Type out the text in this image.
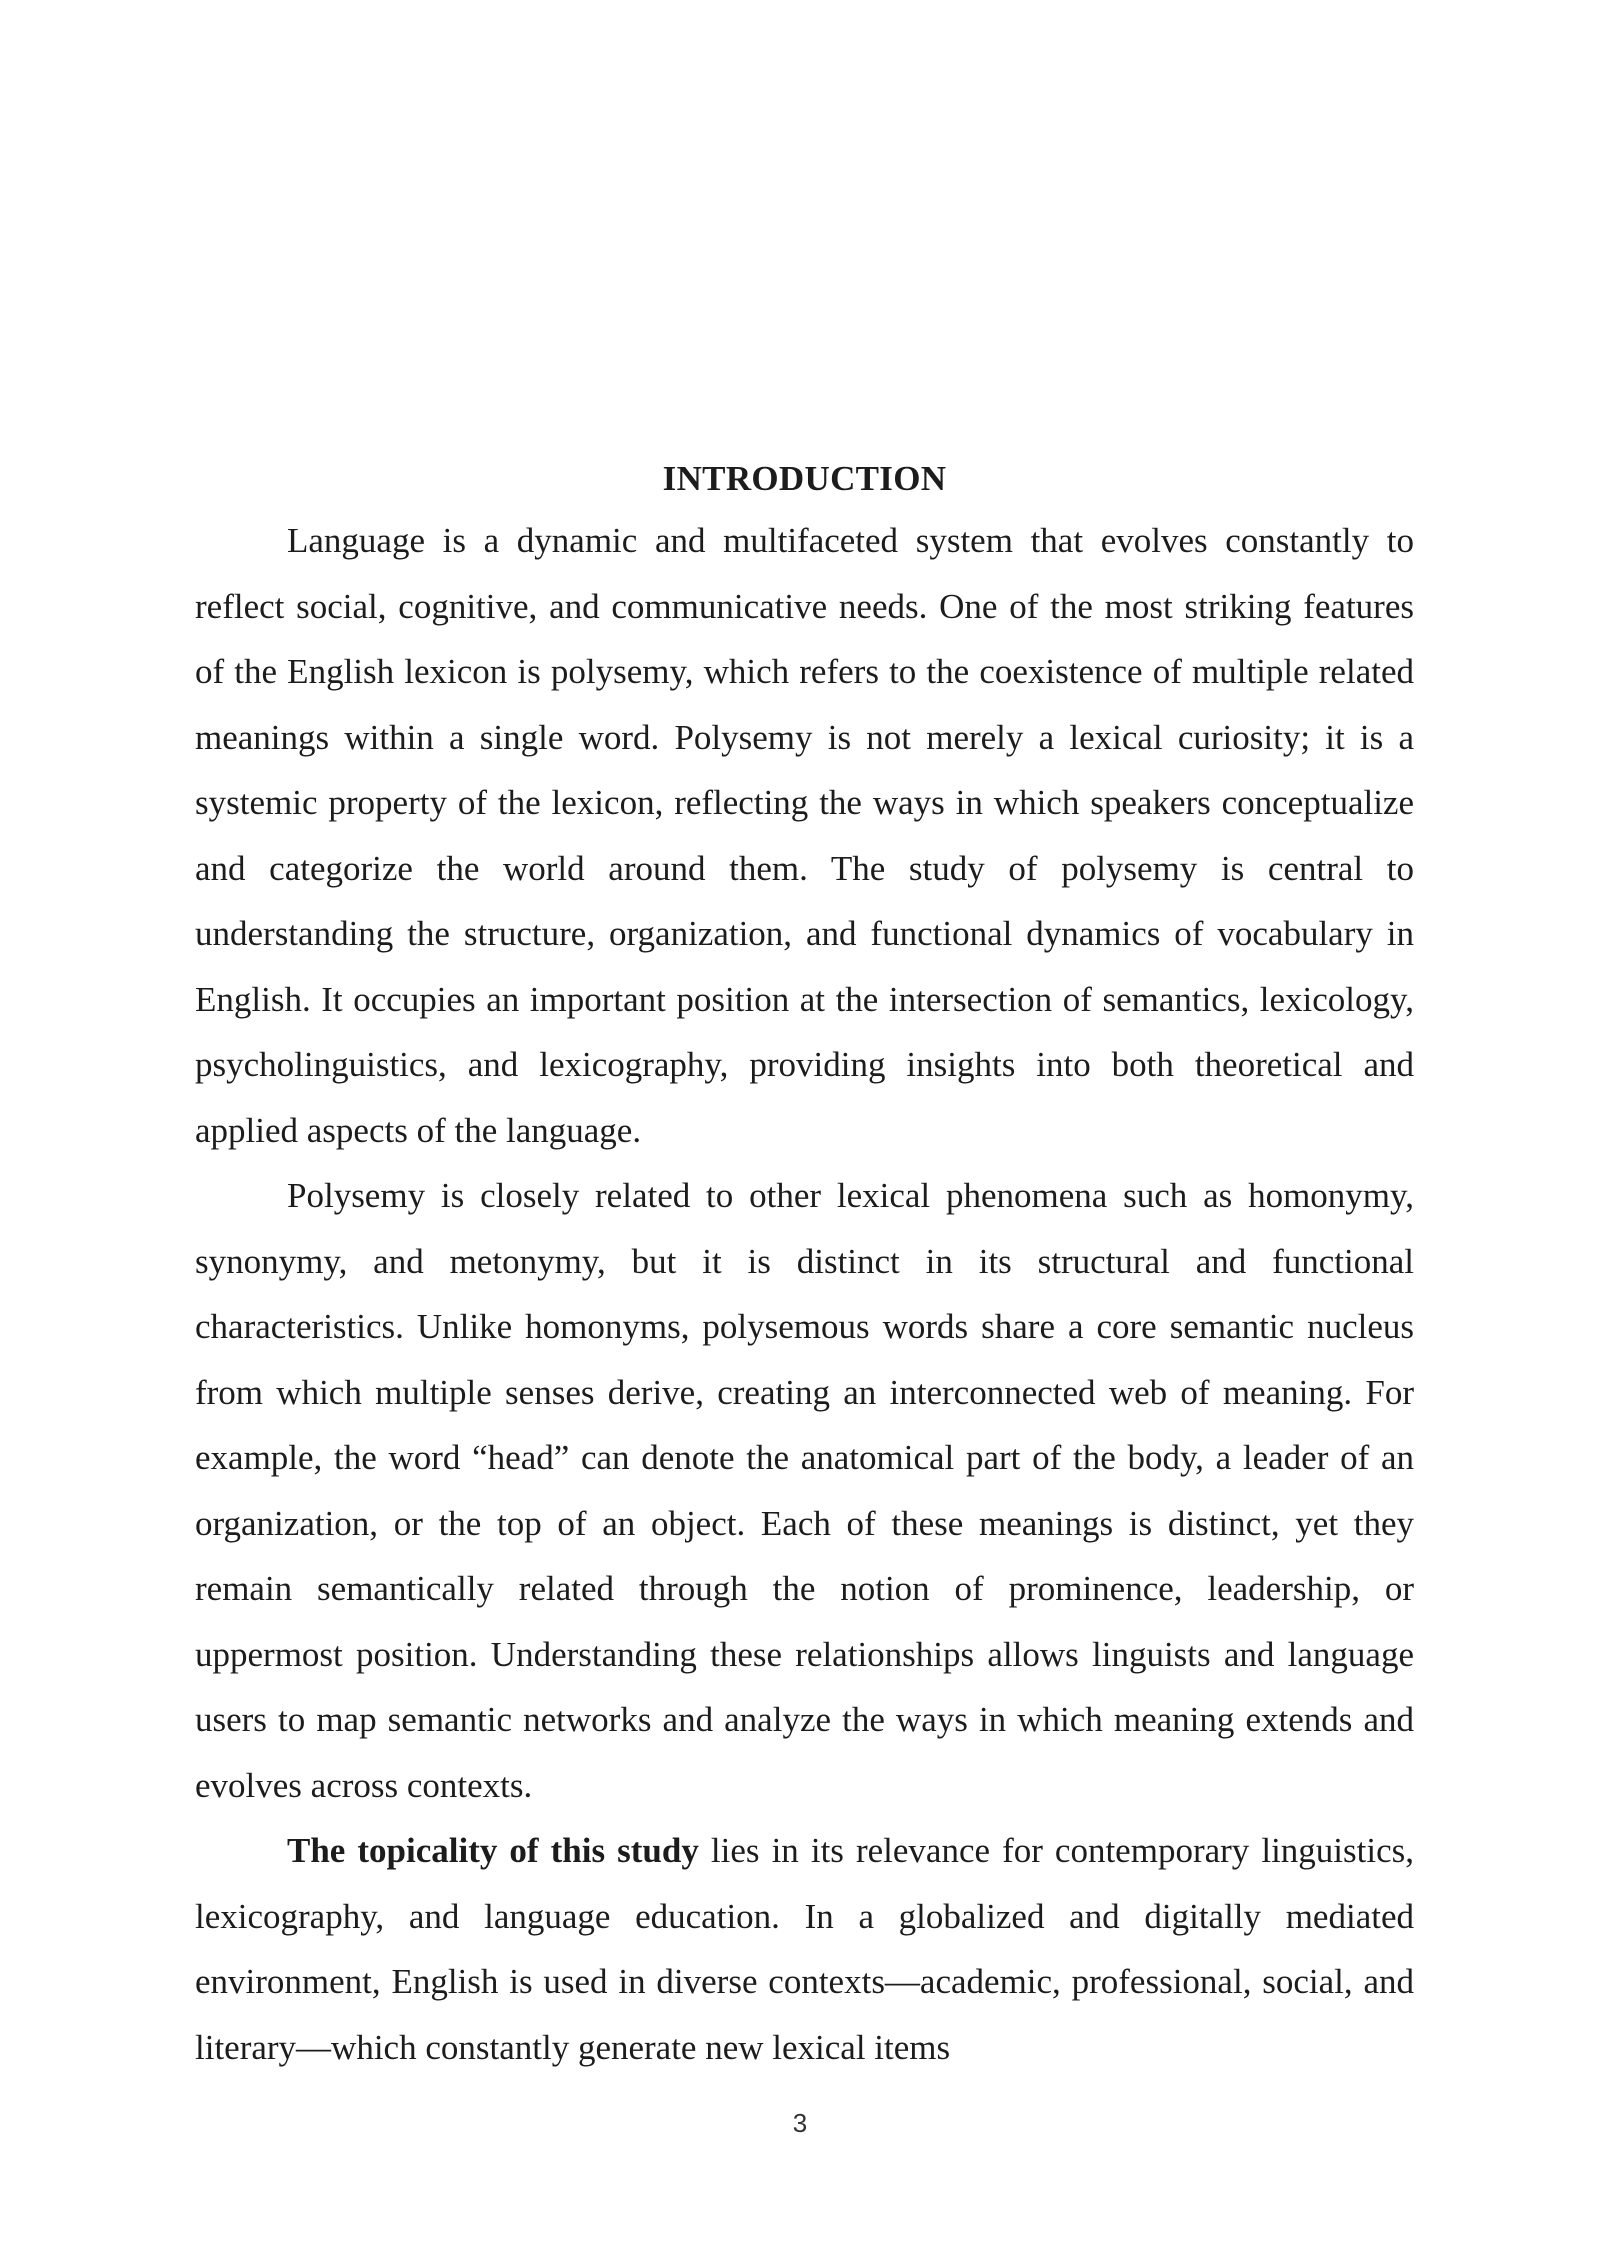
INTRODUCTION

Language is a dynamic and multifaceted system that evolves constantly to reflect social, cognitive, and communicative needs. One of the most striking features of the English lexicon is polysemy, which refers to the coexistence of multiple related meanings within a single word. Polysemy is not merely a lexical curiosity; it is a systemic property of the lexicon, reflecting the ways in which speakers conceptualize and categorize the world around them. The study of polysemy is central to understanding the structure, organization, and functional dynamics of vocabulary in English. It occupies an important position at the intersection of semantics, lexicology, psycholinguistics, and lexicography, providing insights into both theoretical and applied aspects of the language.

Polysemy is closely related to other lexical phenomena such as homonymy, synonymy, and metonymy, but it is distinct in its structural and functional characteristics. Unlike homonyms, polysemous words share a core semantic nucleus from which multiple senses derive, creating an interconnected web of meaning. For example, the word “head” can denote the anatomical part of the body, a leader of an organization, or the top of an object. Each of these meanings is distinct, yet they remain semantically related through the notion of prominence, leadership, or uppermost position. Understanding these relationships allows linguists and language users to map semantic networks and analyze the ways in which meaning extends and evolves across contexts.

The topicality of this study lies in its relevance for contemporary linguistics, lexicography, and language education. In a globalized and digitally mediated environment, English is used in diverse contexts—academic, professional, social, and literary—which constantly generate new lexical items

3
